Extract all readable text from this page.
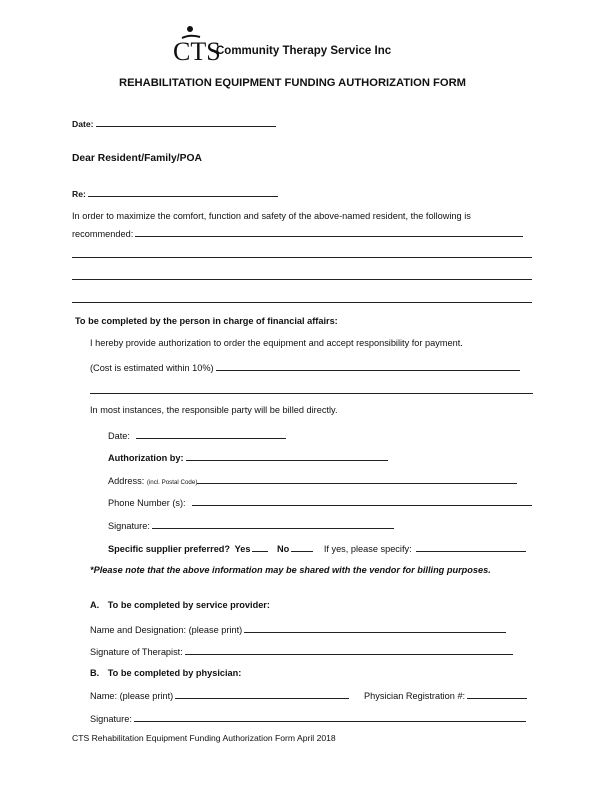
CTS
Community Therapy Service Inc
REHABILITATION EQUIPMENT FUNDING AUTHORIZATION FORM
Date:
Dear Resident/Family/POA
Re:
In order to maximize the comfort, function and safety of the above-named resident, the following is
recommended:
To be completed by the person in charge of financial affairs:
I hereby provide authorization to order the equipment and accept responsibility for payment.
(Cost is estimated within 10%)
In most instances, the responsible party will be billed directly.
Date:
Authorization by:
Address: (incl. Postal Code)
Phone Number (s):
Signature:
Specific supplier preferred? Yes	No	If yes, please specify:
*Please note that the above information may be shared with the vendor for billing purposes.
A. To be completed by service provider:
Name and Designation: (please print)
Signature of Therapist:
B. To be completed by physician:
Name: (please print)	Physician Registration #:
Signature:
CTS Rehabilitation Equipment Funding Authorization Form April 2018
